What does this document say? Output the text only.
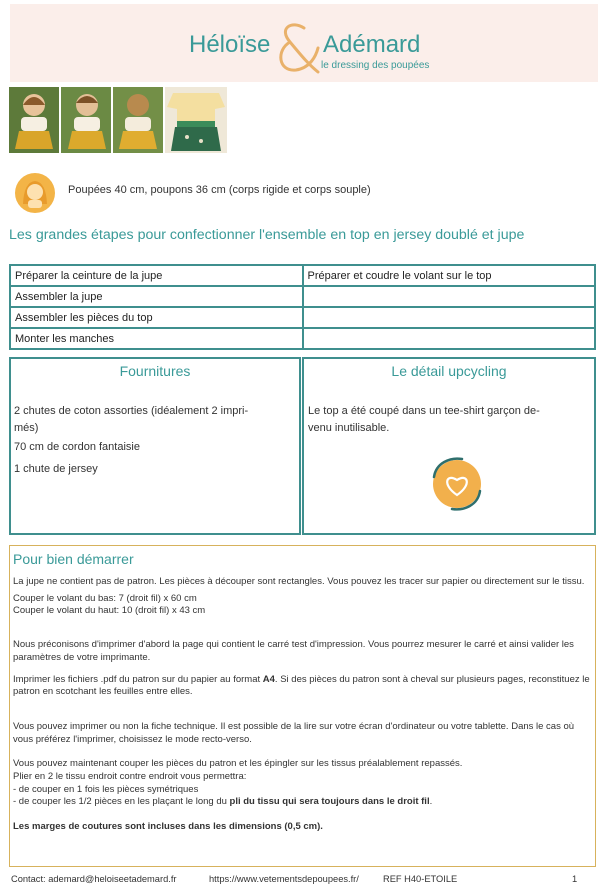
Héloïse Adémard
le dressing des poupées
Poupées 40 cm, poupons 36 cm (corps rigide et corps souple)
Les grandes étapes pour confectionner l'ensemble en top en jersey doublé et jupe
Préparer la ceinture de la jupe	Préparer et coudre le volant sur le top
Assembler la jupe	
Assembler les pièces du top	
Monter les manches	
Fournitures
2 chutes de coton assorties (idéalement 2 impri-
més)
70 cm de cordon fantaisie
1 chute de jersey
Le détail upcycling
Le top a été coupé dans un tee-shirt garçon de-
venu inutilisable.
Pour bien démarrer

La jupe ne contient pas de patron. Les pièces à découper sont rectangles. Vous pouvez les tracer sur papier ou directement sur le tissu.

Couper le volant du bas: 7 (droit fil) x 60 cm
Couper le volant du haut: 10 (droit fil) x 43 cm

Nous préconisons d'imprimer d'abord la page qui contient le carré test d'impression. Vous pourrez mesurer le carré et ainsi valider les paramètres de votre imprimante.

Imprimer les fichiers .pdf du patron sur du papier au format A4. Si des pièces du patron sont à cheval sur plusieurs pages, reconstituez le patron en scotchant les feuilles entre elles.

Vous pouvez imprimer ou non la fiche technique. Il est possible de la lire sur votre écran d'ordinateur ou votre tablette. Dans le cas où vous préférez l'imprimer, choisissez le mode recto-verso.

Vous pouvez maintenant couper les pièces du patron et les épingler sur les tissus préalablement repassés.
Plier en 2 le tissu endroit contre endroit vous permettra:
- de couper en 1 fois les pièces symétriques
- de couper les 1/2 pièces en les plaçant le long du pli du tissu qui sera toujours dans le droit fil.
Les marges de coutures sont incluses dans les dimensions (0,5 cm).
Contact: ademard@heloiseetademard.fr	https://www.vetementsdepoupees.fr/	REF H40-ETOILE	1
